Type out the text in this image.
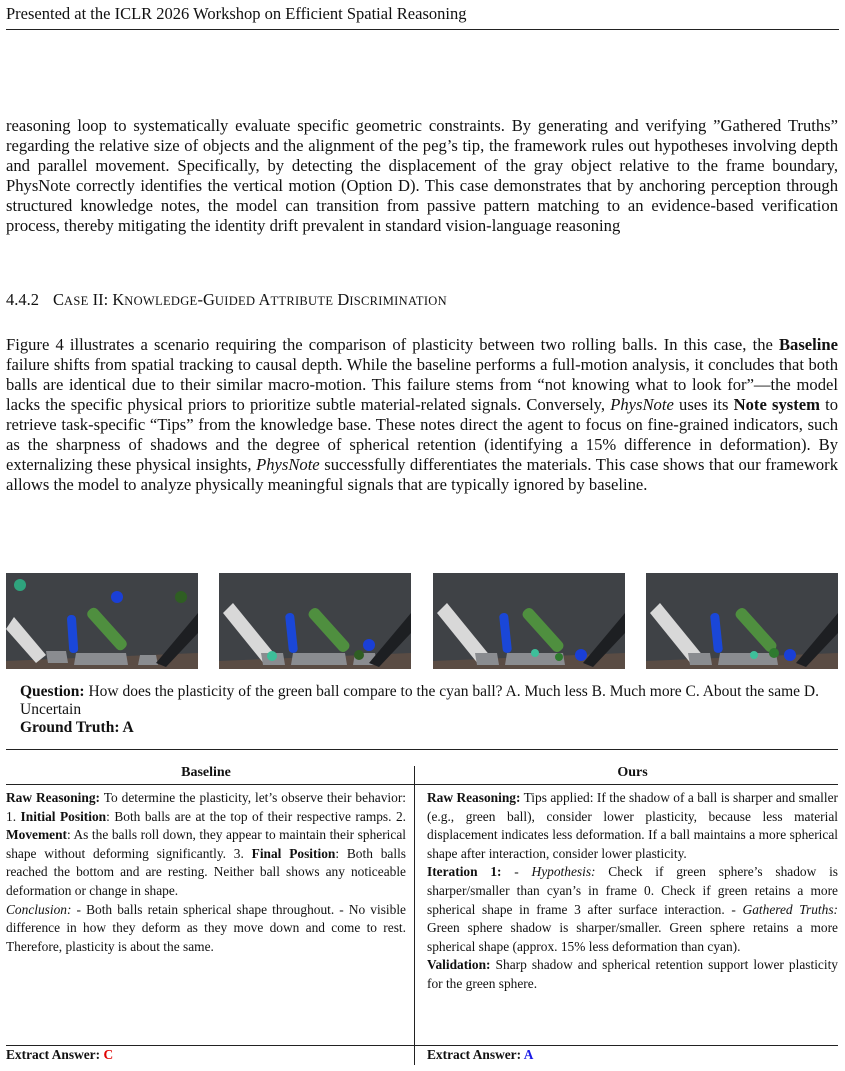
Presented at the ICLR 2026 Workshop on Efficient Spatial Reasoning
reasoning loop to systematically evaluate specific geometric constraints. By generating and verifying ”Gathered Truths” regarding the relative size of objects and the alignment of the peg’s tip, the framework rules out hypotheses involving depth and parallel movement. Specifically, by detecting the displacement of the gray object relative to the frame boundary, PhysNote correctly identifies the vertical motion (Option D). This case demonstrates that by anchoring perception through structured knowledge notes, the model can transition from passive pattern matching to an evidence-based verification process, thereby mitigating the identity drift prevalent in standard vision-language reasoning
4.4.2 CASE II: KNOWLEDGE-GUIDED ATTRIBUTE DISCRIMINATION
Figure 4 illustrates a scenario requiring the comparison of plasticity between two rolling balls. In this case, the Baseline failure shifts from spatial tracking to causal depth. While the baseline performs a full-motion analysis, it concludes that both balls are identical due to their similar macro-motion. This failure stems from “not knowing what to look for”—the model lacks the specific physical priors to prioritize subtle material-related signals. Conversely, PhysNote uses its Note system to retrieve task-specific “Tips” from the knowledge base. These notes direct the agent to focus on fine-grained indicators, such as the sharpness of shadows and the degree of spherical retention (identifying a 15% difference in deformation). By externalizing these physical insights, PhysNote successfully differentiates the materials. This case shows that our framework allows the model to analyze physically meaningful signals that are typically ignored by baseline.
Question: How does the plasticity of the green ball compare to the cyan ball? A. Much less B. Much more C. About the same D. Uncertain
Ground Truth: A
Baseline	Ours
Raw Reasoning: To determine the plasticity, let’s observe their behavior: 1. Initial Position: Both balls are at the top of their respective ramps. 2. Movement: As the balls roll down, they appear to maintain their spherical shape without deforming significantly. 3. Final Position: Both balls reached the bottom and are resting. Neither ball shows any noticeable deformation or change in shape.
Conclusion: - Both balls retain spherical shape throughout. - No visible difference in how they deform as they move down and come to rest. Therefore, plasticity is about the same.
Raw Reasoning: Tips applied: If the shadow of a ball is sharper and smaller (e.g., green ball), consider lower plasticity, because less material displacement indicates less deformation. If a ball maintains a more spherical shape after interaction, consider lower plasticity.
Iteration 1: - Hypothesis: Check if green sphere’s shadow is sharper/smaller than cyan’s in frame 0. Check if green retains a more spherical shape in frame 3 after surface interaction. - Gathered Truths: Green sphere shadow is sharper/smaller. Green sphere retains a more spherical shape (approx. 15% less deformation than cyan).
Validation: Sharp shadow and spherical retention support lower plasticity for the green sphere.
Extract Answer: C	Extract Answer: A
